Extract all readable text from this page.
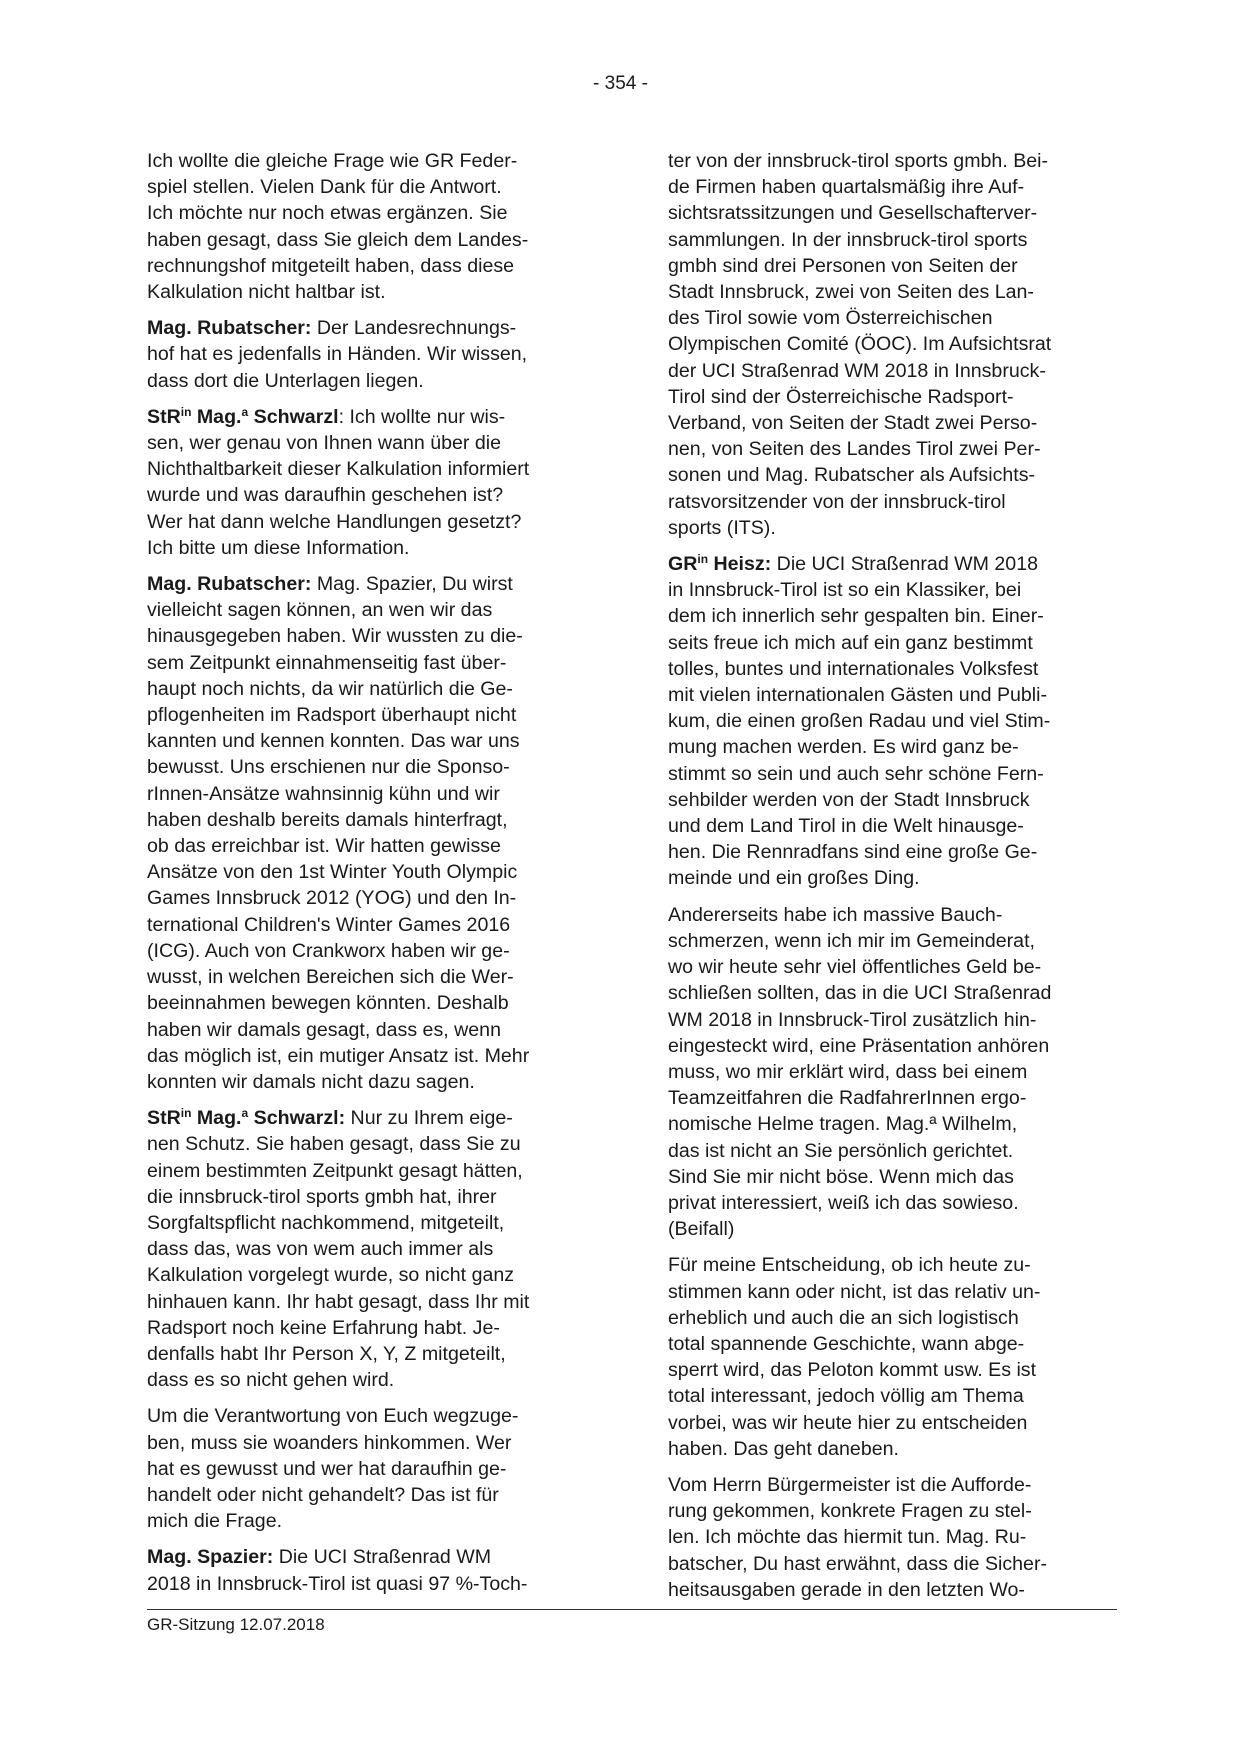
- 354 -

Ich wollte die gleiche Frage wie GR Feder-
spiel stellen. Vielen Dank für die Antwort.
Ich möchte nur noch etwas ergänzen. Sie
haben gesagt, dass Sie gleich dem Landes-
rechnungshof mitgeteilt haben, dass diese
Kalkulation nicht haltbar ist.

Mag. Rubatscher: Der Landesrechnungs-
hof hat es jedenfalls in Händen. Wir wissen,
dass dort die Unterlagen liegen.

StR$^{in}$ Mag.$^a$ Schwarzl: Ich wollte nur wis-
sen, wer genau von Ihnen wann über die
Nichthaltbarkeit dieser Kalkulation informiert
wurde und was daraufhin geschehen ist?
Wer hat dann welche Handlungen gesetzt?
Ich bitte um diese Information.

Mag. Rubatscher: Mag. Spazier, Du wirst
vielleicht sagen können, an wen wir das
hinausgegeben haben. Wir wussten zu die-
sem Zeitpunkt einnahmenseitig fast über-
haupt noch nichts, da wir natürlich die Ge-
pflogenheiten im Radsport überhaupt nicht
kannten und kennen konnten. Das war uns
bewusst. Uns erschienen nur die Sponso-
rInnen-Ansätze wahnsinnig kühn und wir
haben deshalb bereits damals hinterfragt,
ob das erreichbar ist. Wir hatten gewisse
Ansätze von den 1st Winter Youth Olympic
Games Innsbruck 2012 (YOG) und den In-
ternational Children's Winter Games 2016
(ICG). Auch von Crankworx haben wir ge-
wusst, in welchen Bereichen sich die Wer-
beeinnahmen bewegen könnten. Deshalb
haben wir damals gesagt, dass es, wenn
das möglich ist, ein mutiger Ansatz ist. Mehr
konnten wir damals nicht dazu sagen.

StR$^{in}$ Mag.$^a$ Schwarzl: Nur zu Ihrem eige-
nen Schutz. Sie haben gesagt, dass Sie zu
einem bestimmten Zeitpunkt gesagt hätten,
die innsbruck-tirol sports gmbh hat, ihrer
Sorgfaltspflicht nachkommend, mitgeteilt,
dass das, was von wem auch immer als
Kalkulation vorgelegt wurde, so nicht ganz
hinhauen kann. Ihr habt gesagt, dass Ihr mit
Radsport noch keine Erfahrung habt. Je-
denfalls habt Ihr Person X, Y, Z mitgeteilt,
dass es so nicht gehen wird.

Um die Verantwortung von Euch wegzuge-
ben, muss sie woanders hinkommen. Wer
hat es gewusst und wer hat daraufhin ge-
handelt oder nicht gehandelt? Das ist für
mich die Frage.

Mag. Spazier: Die UCI Straßenrad WM
2018 in Innsbruck-Tirol ist quasi 97 %-Toch-

ter von der innsbruck-tirol sports gmbh. Bei-
de Firmen haben quartalsmäßig ihre Auf-
sichtsratssitzungen und Gesellschafterver-
sammlungen. In der innsbruck-tirol sports
gmbh sind drei Personen von Seiten der
Stadt Innsbruck, zwei von Seiten des Lan-
des Tirol sowie vom Österreichischen
Olympischen Comité (ÖOC). Im Aufsichtsrat
der UCI Straßenrad WM 2018 in Innsbruck-
Tirol sind der Österreichische Radsport-
Verband, von Seiten der Stadt zwei Perso-
nen, von Seiten des Landes Tirol zwei Per-
sonen und Mag. Rubatscher als Aufsichts-
ratsvorsitzender von der innsbruck-tirol
sports (ITS).

$GR^{in}$ Heisz: Die UCI Straßenrad WM 2018
in Innsbruck-Tirol ist so ein Klassiker, bei
dem ich innerlich sehr gespalten bin. Einer-
seits freue ich mich auf ein ganz bestimmt
tolles, buntes und internationales Volksfest
mit vielen internationalen Gästen und Publi-
kum, die einen großen Radau und viel Stim-
mung machen werden. Es wird ganz be-
stimmt so sein und auch sehr schöne Fern-
sehbilder werden von der Stadt Innsbruck
und dem Land Tirol in die Welt hinausge-
hen. Die Rennradfans sind eine große Ge-
meinde und ein großes Ding.

Andererseits habe ich massive Bauch-
schmerzen, wenn ich mir im Gemeinderat,
wo wir heute sehr viel öffentliches Geld be-
schließen sollten, das in die UCI Straßenrad
WM 2018 in Innsbruck-Tirol zusätzlich hin-
eingesteckt wird, eine Präsentation anhören
muss, wo mir erklärt wird, dass bei einem
Teamzeitfahren die RadfahrerInnen ergo-
nomische Helme tragen. Mag.ª Wilhelm,
das ist nicht an Sie persönlich gerichtet.
Sind Sie mir nicht böse. Wenn mich das
privat interessiert, weiß ich das sowieso.
(Beifall)

Für meine Entscheidung, ob ich heute zu-
stimmen kann oder nicht, ist das relativ un-
erheblich und auch die an sich logistisch
total spannende Geschichte, wann abge-
sperrt wird, das Peloton kommt usw. Es ist
total interessant, jedoch völlig am Thema
vorbei, was wir heute hier zu entscheiden
haben. Das geht daneben.

Vom Herrn Bürgermeister ist die Aufforde-
rung gekommen, konkrete Fragen zu stel-
len. Ich möchte das hiermit tun. Mag. Ru-
batscher, Du hast erwähnt, dass die Sicher-
heitsausgaben gerade in den letzten Wo-

GR-Sitzung 12.07.2018
